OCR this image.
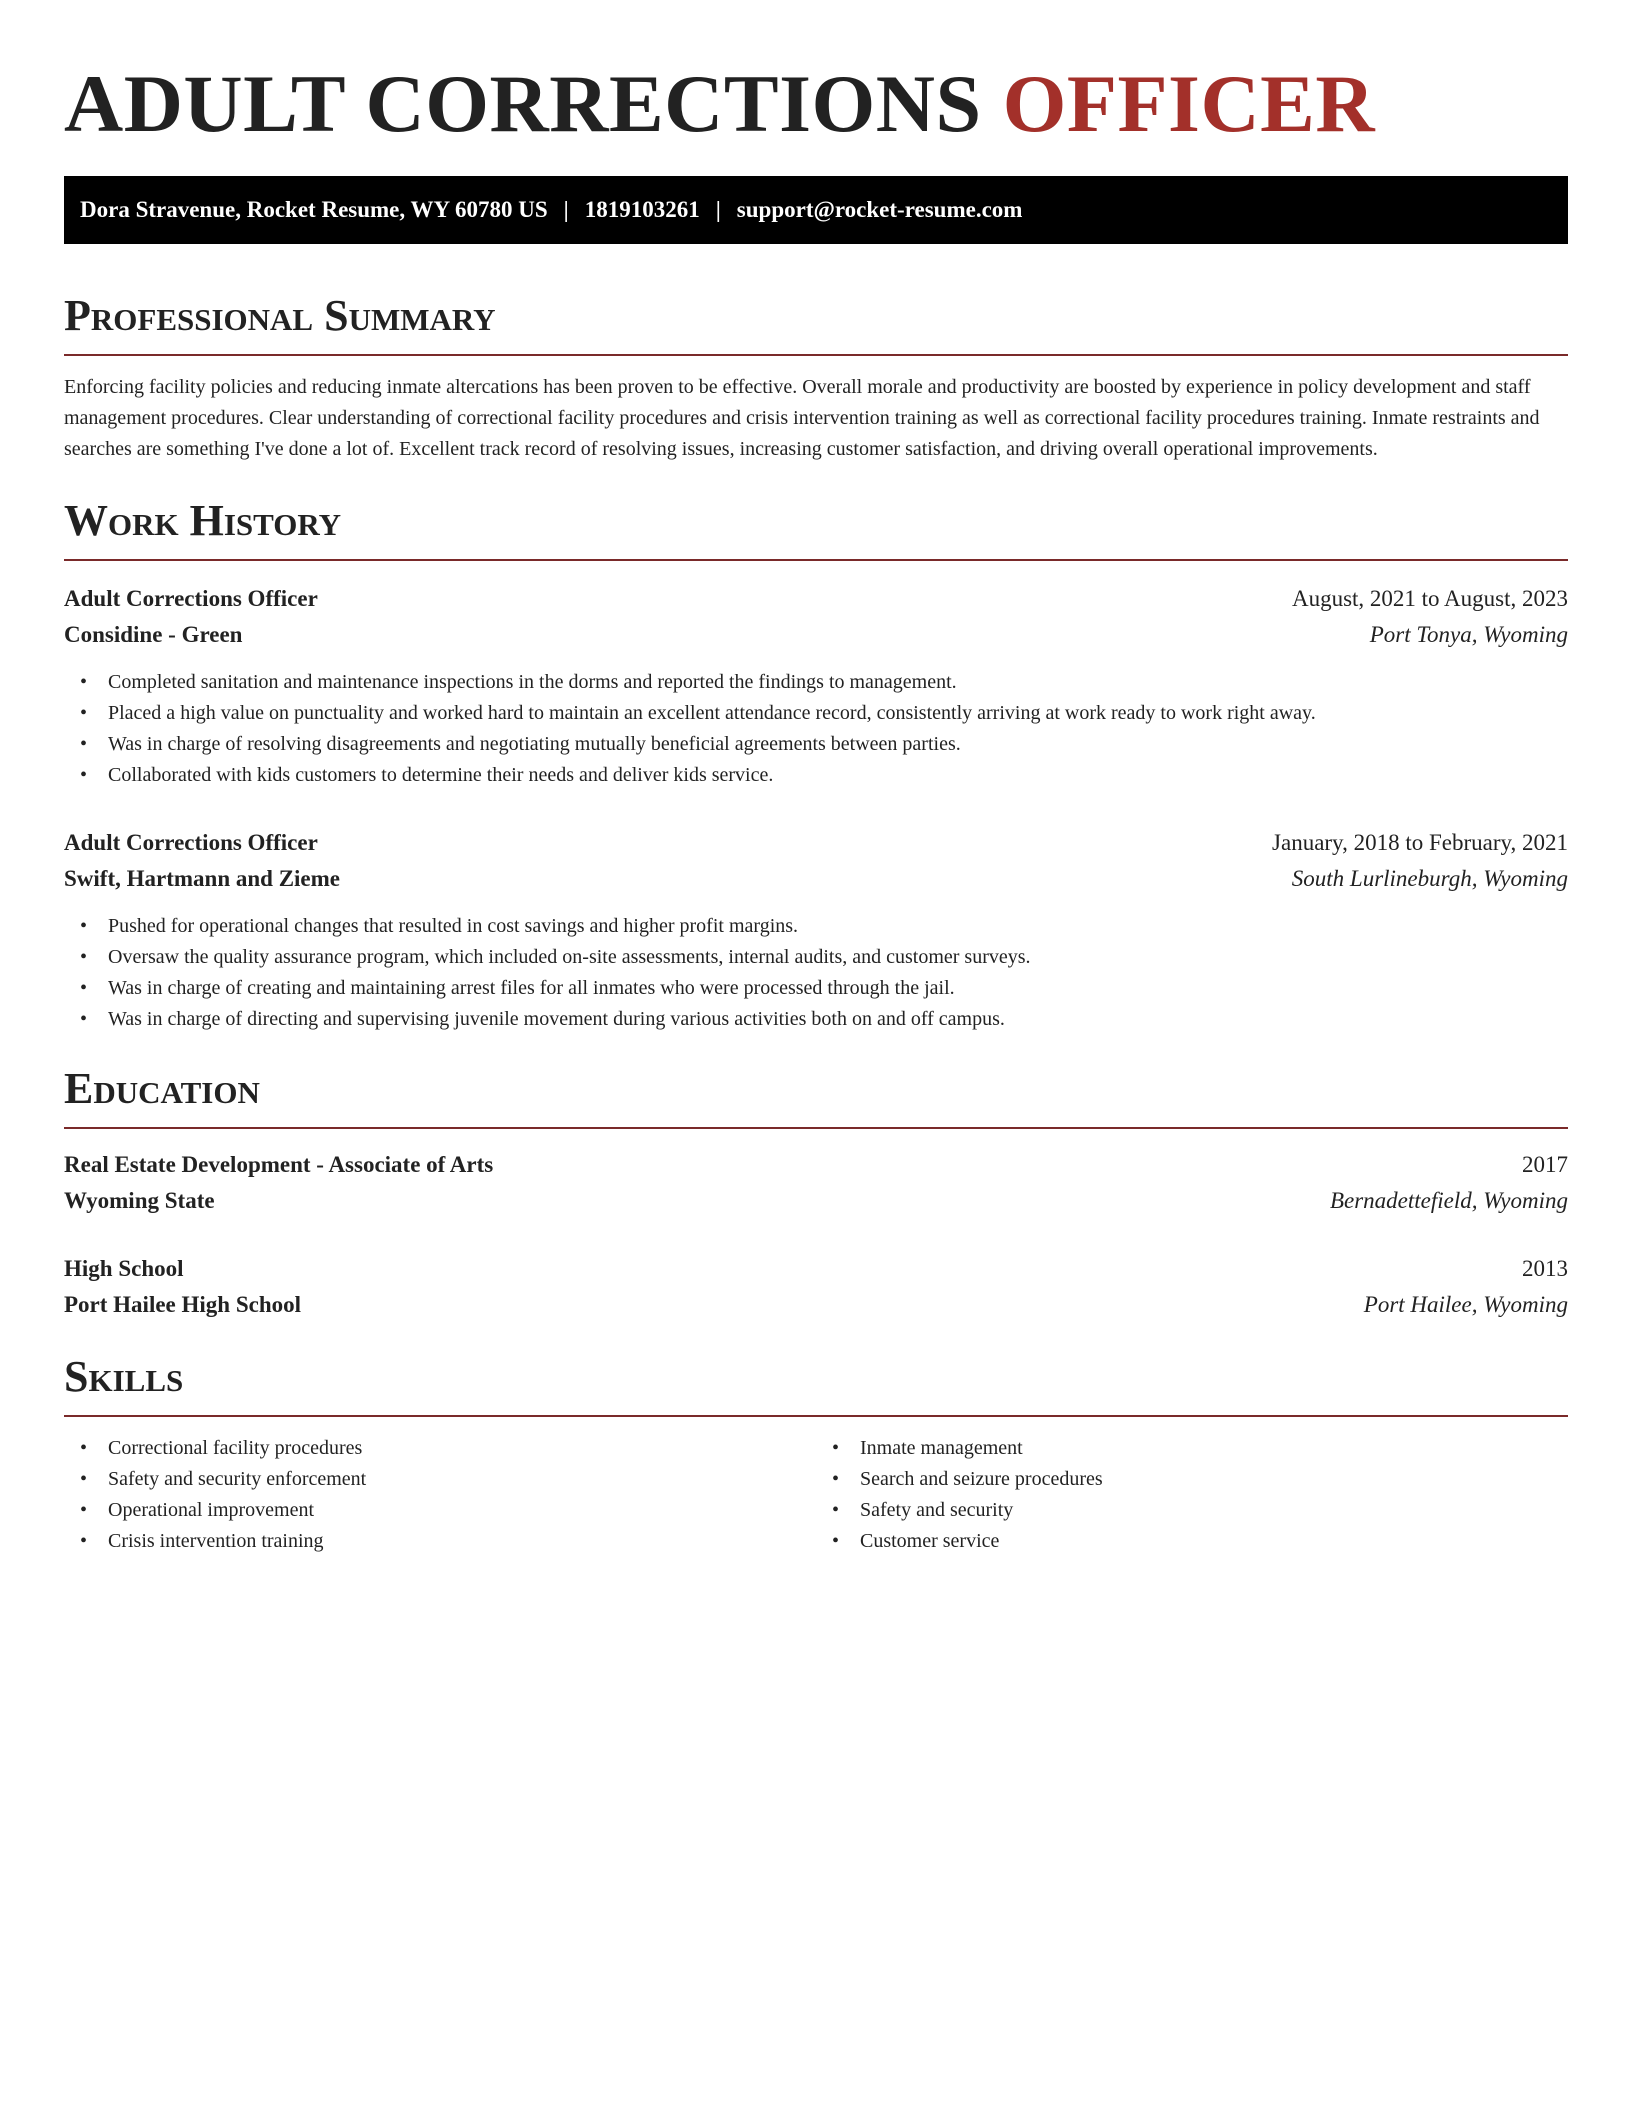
ADULT CORRECTIONS OFFICER
Dora Stravenue, Rocket Resume, WY 60780 US | 1819103261 | support@rocket-resume.com
Professional Summary

Enforcing facility policies and reducing inmate altercations has been proven to be effective. Overall morale and productivity are boosted by experience in policy development and staff management procedures. Clear understanding of correctional facility procedures and crisis intervention training as well as correctional facility procedures training. Inmate restraints and searches are something I've done a lot of. Excellent track record of resolving issues, increasing customer satisfaction, and driving overall operational improvements.

Work History
Adult Corrections Officer	August, 2021 to August, 2023
Considine - Green	Port Tonya, Wyoming
• Completed sanitation and maintenance inspections in the dorms and reported the findings to management.
• Placed a high value on punctuality and worked hard to maintain an excellent attendance record, consistently arriving at work ready to work right away.
• Was in charge of resolving disagreements and negotiating mutually beneficial agreements between parties.
• Collaborated with kids customers to determine their needs and deliver kids service.
Adult Corrections Officer	January, 2018 to February, 2021
Swift, Hartmann and Zieme	South Lurlineburgh, Wyoming
• Pushed for operational changes that resulted in cost savings and higher profit margins.
• Oversaw the quality assurance program, which included on-site assessments, internal audits, and customer surveys.
• Was in charge of creating and maintaining arrest files for all inmates who were processed through the jail.
• Was in charge of directing and supervising juvenile movement during various activities both on and off campus.
Education
Real Estate Development - Associate of Arts	2017
Wyoming State	Bernadettefield, Wyoming
High School	2013
Port Hailee High School	Port Hailee, Wyoming
Skills
• Correctional facility procedures
• Safety and security enforcement
• Operational improvement
• Crisis intervention training
• Inmate management
• Search and seizure procedures
• Safety and security
• Customer service
